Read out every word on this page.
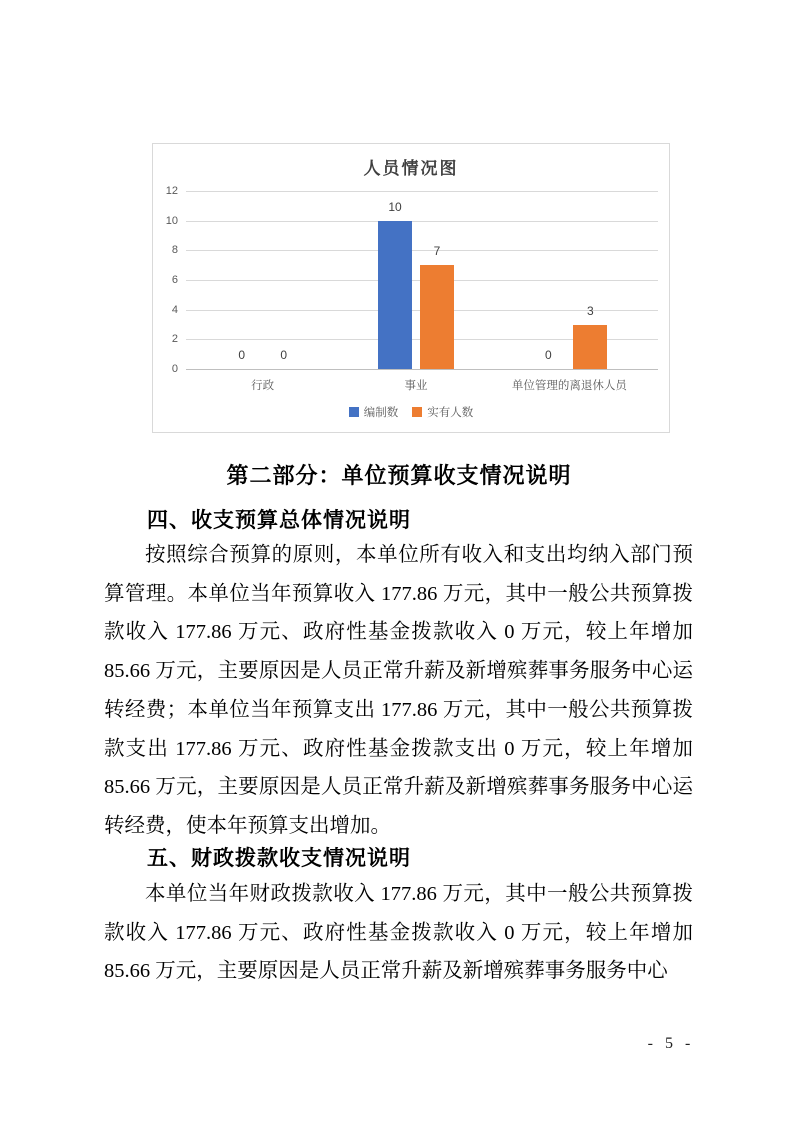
人员情况图
0
2
4
6
8
10
12
行政
0	0
事业
10
7
单位管理的离退休人员
0
3
编制数	实有人数
第二部分：单位预算收支情况说明
四、收支预算总体情况说明
按照综合预算的原则，本单位所有收入和支出均纳入部门预算管理。本单位当年预算收入 177.86 万元，其中一般公共预算拨款收入 177.86 万元、政府性基金拨款收入 0 万元，较上年增加 85.66 万元，主要原因是人员正常升薪及新增殡葬事务服务中心运转经费；本单位当年预算支出 177.86 万元，其中一般公共预算拨款支出 177.86 万元、政府性基金拨款支出 0 万元，较上年增加 85.66 万元，主要原因是人员正常升薪及新增殡葬事务服务中心运转经费，使本年预算支出增加。
五、财政拨款收支情况说明
本单位当年财政拨款收入 177.86 万元，其中一般公共预算拨款收入 177.86 万元、政府性基金拨款收入 0 万元，较上年增加 85.66 万元，主要原因是人员正常升薪及新增殡葬事务服务中心
- 5 -
